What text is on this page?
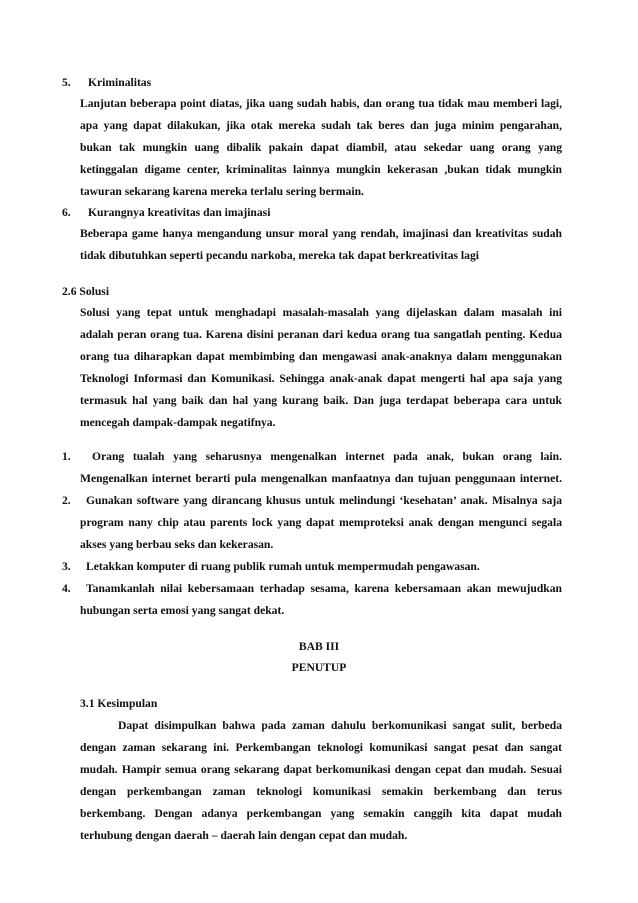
5. Kriminalitas
Lanjutan beberapa point diatas, jika uang sudah habis, dan orang tua tidak mau memberi lagi,
apa yang dapat dilakukan, jika otak mereka sudah tak beres dan juga minim pengarahan,
bukan tak mungkin uang dibalik pakain dapat diambil, atau sekedar uang orang yang
ketinggalan digame center, kriminalitas lainnya mungkin kekerasan ,bukan tidak mungkin
tawuran sekarang karena mereka terlalu sering bermain.
6. Kurangnya kreativitas dan imajinasi
Beberapa game hanya mengandung unsur moral yang rendah, imajinasi dan kreativitas sudah
tidak dibutuhkan seperti pecandu narkoba, mereka tak dapat berkreativitas lagi
2.6 Solusi
Solusi yang tepat untuk menghadapi masalah-masalah yang dijelaskan dalam masalah ini
adalah peran orang tua. Karena disini peranan dari kedua orang tua sangatlah penting. Kedua
orang tua diharapkan dapat membimbing dan mengawasi anak-anaknya dalam menggunakan
Teknologi Informasi dan Komunikasi. Sehingga anak-anak dapat mengerti hal apa saja yang
termasuk hal yang baik dan hal yang kurang baik. Dan juga terdapat beberapa cara untuk
mencegah dampak-dampak negatifnya.
1. Orang tualah yang seharusnya mengenalkan internet pada anak, bukan orang lain.
Mengenalkan internet berarti pula mengenalkan manfaatnya dan tujuan penggunaan internet.
2. Gunakan software yang dirancang khusus untuk melindungi ‘kesehatan’ anak. Misalnya saja
program nany chip atau parents lock yang dapat memproteksi anak dengan mengunci segala
akses yang berbau seks dan kekerasan.
3. Letakkan komputer di ruang publik rumah untuk mempermudah pengawasan.
4. Tanamkanlah nilai kebersamaan terhadap sesama, karena kebersamaan akan mewujudkan
hubungan serta emosi yang sangat dekat.
BAB III
PENUTUP
3.1 Kesimpulan
Dapat disimpulkan bahwa pada zaman dahulu berkomunikasi sangat sulit, berbeda
dengan zaman sekarang ini. Perkembangan teknologi komunikasi sangat pesat dan sangat
mudah. Hampir semua orang sekarang dapat berkomunikasi dengan cepat dan mudah. Sesuai
dengan perkembangan zaman teknologi komunikasi semakin berkembang dan terus
berkembang. Dengan adanya perkembangan yang semakin canggih kita dapat mudah
terhubung dengan daerah – daerah lain dengan cepat dan mudah.
